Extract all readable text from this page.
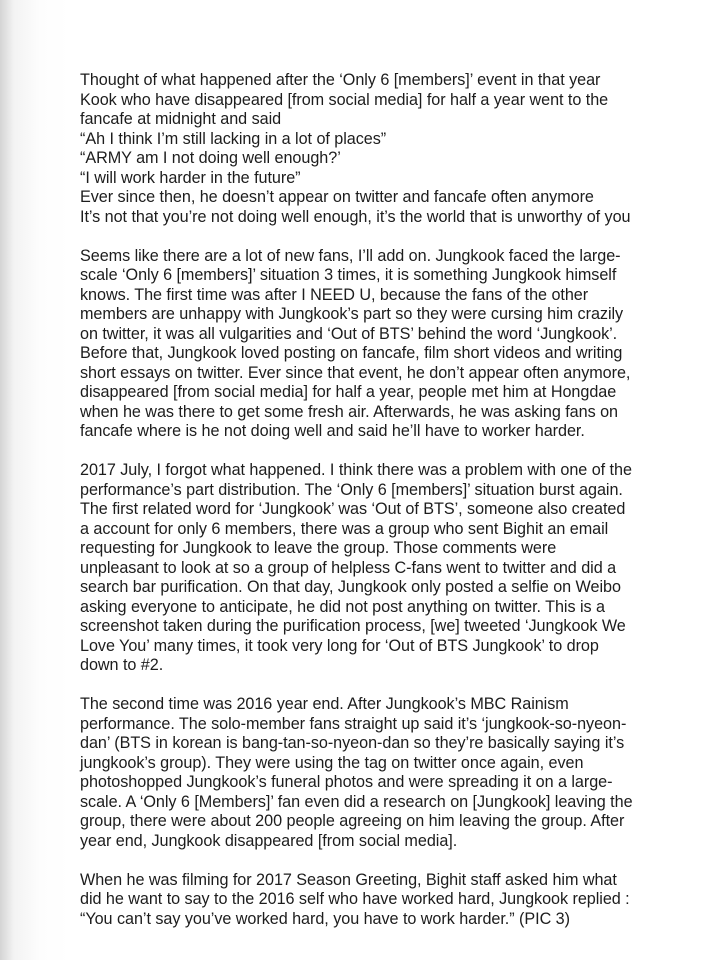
Thought of what happened after the ‘Only 6 [members]’ event in that year
Kook who have disappeared [from social media] for half a year went to the
fancafe at midnight and said
“Ah I think I’m still lacking in a lot of places”
“ARMY am I not doing well enough?’
“I will work harder in the future”
Ever since then, he doesn’t appear on twitter and fancafe often anymore
It’s not that you’re not doing well enough, it’s the world that is unworthy of you
Seems like there are a lot of new fans, I’ll add on. Jungkook faced the large-
scale ‘Only 6 [members]’ situation 3 times, it is something Jungkook himself
knows. The first time was after I NEED U, because the fans of the other
members are unhappy with Jungkook’s part so they were cursing him crazily
on twitter, it was all vulgarities and ‘Out of BTS’ behind the word ‘Jungkook’.
Before that, Jungkook loved posting on fancafe, film short videos and writing
short essays on twitter. Ever since that event, he don’t appear often anymore,
disappeared [from social media] for half a year, people met him at Hongdae
when he was there to get some fresh air. Afterwards, he was asking fans on
fancafe where is he not doing well and said he’ll have to worker harder.
2017 July, I forgot what happened. I think there was a problem with one of the
performance’s part distribution. The ‘Only 6 [members]’ situation burst again.
The first related word for ‘Jungkook’ was ‘Out of BTS’, someone also created
a account for only 6 members, there was a group who sent Bighit an email
requesting for Jungkook to leave the group. Those comments were
unpleasant to look at so a group of helpless C-fans went to twitter and did a
search bar purification. On that day, Jungkook only posted a selfie on Weibo
asking everyone to anticipate, he did not post anything on twitter. This is a
screenshot taken during the purification process, [we] tweeted ‘Jungkook We
Love You’ many times, it took very long for ‘Out of BTS Jungkook’ to drop
down to #2.
The second time was 2016 year end. After Jungkook’s MBC Rainism
performance. The solo-member fans straight up said it’s ‘jungkook-so-nyeon-
dan’ (BTS in korean is bang-tan-so-nyeon-dan so they’re basically saying it’s
jungkook’s group). They were using the tag on twitter once again, even
photoshopped Jungkook’s funeral photos and were spreading it on a large-
scale. A ‘Only 6 [Members]’ fan even did a research on [Jungkook] leaving the
group, there were about 200 people agreeing on him leaving the group. After
year end, Jungkook disappeared [from social media].
When he was filming for 2017 Season Greeting, Bighit staff asked him what
did he want to say to the 2016 self who have worked hard, Jungkook replied :
“You can’t say you’ve worked hard, you have to work harder.” (PIC 3)
